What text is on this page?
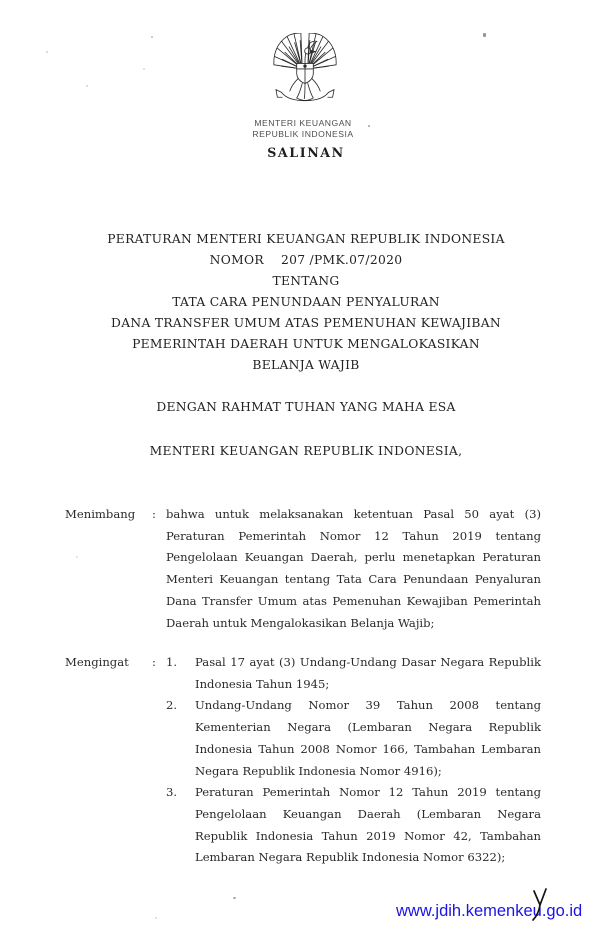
MENTERI KEUANGAN
REPUBLIK INDONESIA
SALINAN
PERATURAN MENTERI KEUANGAN REPUBLIK INDONESIA
NOMOR 207 /PMK.07/2020
TENTANG
TATA CARA PENUNDAAN PENYALURAN
DANA TRANSFER UMUM ATAS PEMENUHAN KEWAJIBAN
PEMERINTAH DAERAH UNTUK MENGALOKASIKAN
BELANJA WAJIB
DENGAN RAHMAT TUHAN YANG MAHA ESA
MENTERI KEUANGAN REPUBLIK INDONESIA,
Menimbang	: bahwa untuk melaksanakan ketentuan Pasal 50 ayat (3) Peraturan Pemerintah Nomor 12 Tahun 2019 tentang Pengelolaan Keuangan Daerah, perlu menetapkan Peraturan Menteri Keuangan tentang Tata Cara Penundaan Penyaluran Dana Transfer Umum atas Pemenuhan Kewajiban Pemerintah Daerah untuk Mengalokasikan Belanja Wajib;

Mengingat	: 1.	Pasal 17 ayat (3) Undang-Undang Dasar Negara Republik Indonesia Tahun 1945;

2.	Undang-Undang Nomor 39 Tahun 2008 tentang Kementerian Negara (Lembaran Negara Republik Indonesia Tahun 2008 Nomor 166, Tambahan Lembaran Negara Republik Indonesia Nomor 4916);

3.	Peraturan Pemerintah Nomor 12 Tahun 2019 tentang Pengelolaan Keuangan Daerah (Lembaran Negara Republik Indonesia Tahun 2019 Nomor 42, Tambahan Lembaran Negara Republik Indonesia Nomor 6322);

www.jdih.kemenkeu.go.id
